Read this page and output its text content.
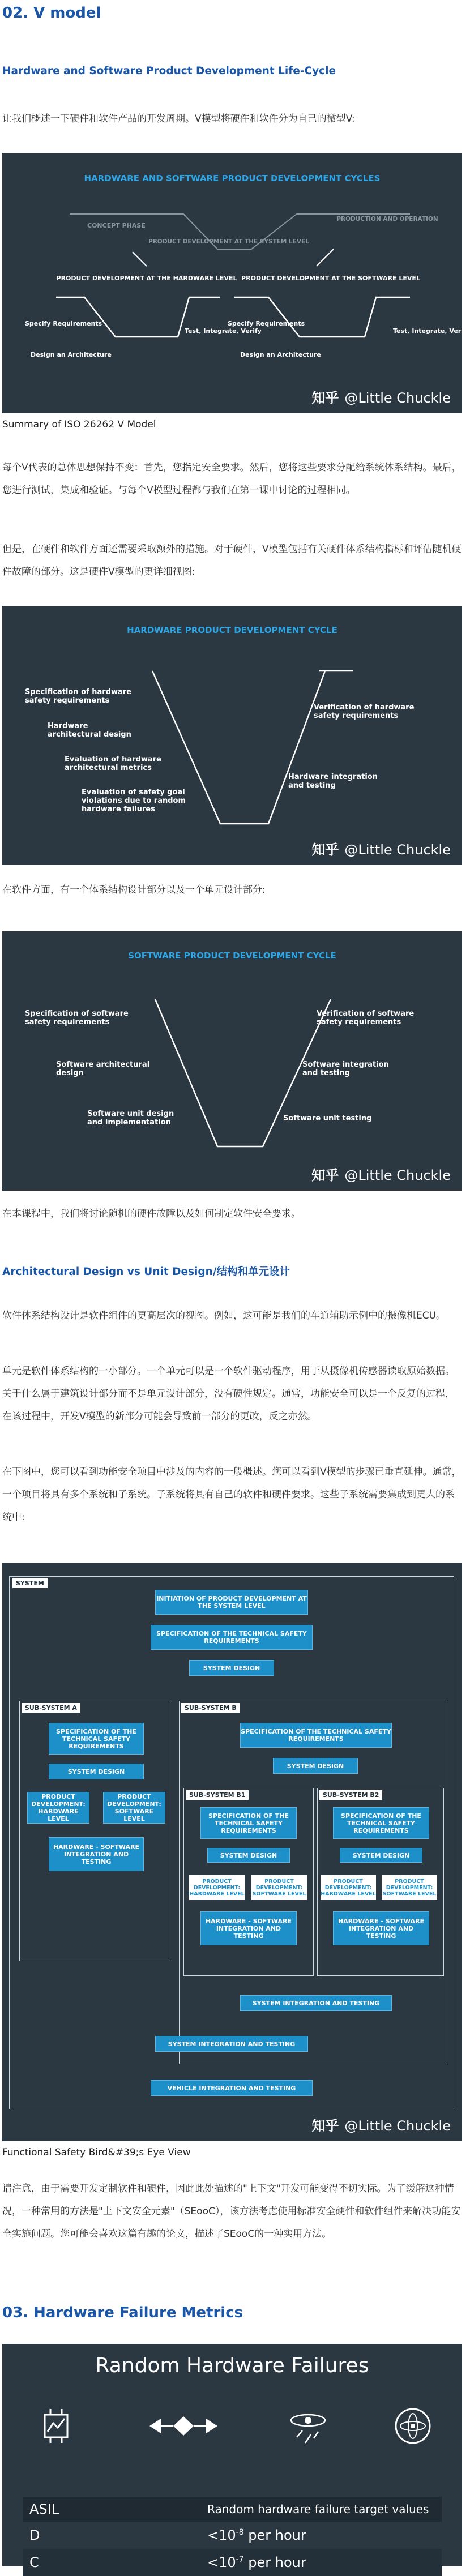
02. V model
Hardware and Software Product Development Life-Cycle

让我们概述一下硬件和软件产品的开发周期。V模型将硬件和软件分为自己的微型V:

HARDWARE AND SOFTWARE PRODUCT DEVELOPMENT CYCLES
CONCEPT PHASE
PRODUCT DEVELOPMENT AT THE SYSTEM LEVEL
PRODUCTION AND OPERATION
PRODUCT DEVELOPMENT AT THE HARDWARE LEVEL PRODUCT DEVELOPMENT AT THE SOFTWARE LEVEL
Specify Requirements
Design an Architecture
Test, Integrate, Verify
Specify Requirements
Design an Architecture
Test, Integrate, Verify
知乎 @Little Chuckle

Summary of ISO 26262 V Model

每个V代表的总体思想保持不变：首先，您指定安全要求。然后，您将这些要求分配给系统体系结构。最后，您进行测试，集成和验证。与每个V模型过程都与我们在第一课中讨论的过程相同。

但是，在硬件和软件方面还需要采取额外的措施。对于硬件，V模型包括有关硬件体系结构指标和评估随机硬件故障的部分。这是硬件V模型的更详细视图:

HARDWARE PRODUCT DEVELOPMENT CYCLE
Specification of hardware safety requirements
Hardware architectural design
Evaluation of hardware architectural metrics
Evaluation of safety goal violations due to random hardware failures
Verification of hardware safety requirements
Hardware integration and testing
知乎 @Little Chuckle

在软件方面，有一个体系结构设计部分以及一个单元设计部分:

SOFTWARE PRODUCT DEVELOPMENT CYCLE
Specification of software safety requirements
Software architectural design
Software unit design and implementation
Verification of software safety requirements
Software integration and testing
Software unit testing
知乎 @Little Chuckle

在本课程中，我们将讨论随机的硬件故障以及如何制定软件安全要求。

Architectural Design vs Unit Design/结构和单元设计

软件体系结构设计是软件组件的更高层次的视图。例如，这可能是我们的车道辅助示例中的摄像机ECU。

单元是软件体系结构的一小部分。一个单元可以是一个软件驱动程序，用于从摄像机传感器读取原始数据。关于什么属于建筑设计部分而不是单元设计部分，没有硬性规定。通常，功能安全可以是一个反复的过程，在该过程中，开发V模型的新部分可能会导致前一部分的更改，反之亦然。

在下图中，您可以看到功能安全项目中涉及的内容的一般概述。您可以看到V模型的步骤已垂直延伸。通常，一个项目将具有多个系统和子系统。子系统将具有自己的软件和硬件要求。这些子系统需要集成到更大的系统中:

SYSTEM
INITIATION OF PRODUCT DEVELOPMENT AT THE SYSTEM LEVEL
SPECIFICATION OF THE TECHNICAL SAFETY REQUIREMENTS
SYSTEM DESIGN
SUB-SYSTEM A
SPECIFICATION OF THE TECHNICAL SAFETY REQUIREMENTS
SYSTEM DESIGN
PRODUCT DEVELOPMENT: HARDWARE LEVEL
PRODUCT DEVELOPMENT: SOFTWARE LEVEL
HARDWARE - SOFTWARE INTEGRATION AND TESTING
SUB-SYSTEM B
SPECIFICATION OF THE TECHNICAL SAFETY REQUIREMENTS
SYSTEM DESIGN
SUB-SYSTEM B1
SPECIFICATION OF THE TECHNICAL SAFETY REQUIREMENTS
SYSTEM DESIGN
PRODUCT DEVELOPMENT: HARDWARE LEVEL
PRODUCT DEVELOPMENT: SOFTWARE LEVEL
HARDWARE - SOFTWARE INTEGRATION AND TESTING
SUB-SYSTEM B2
SPECIFICATION OF THE TECHNICAL SAFETY REQUIREMENTS
SYSTEM DESIGN
PRODUCT DEVELOPMENT: HARDWARE LEVEL
PRODUCT DEVELOPMENT: SOFTWARE LEVEL
HARDWARE - SOFTWARE INTEGRATION AND TESTING
SYSTEM INTEGRATION AND TESTING
SYSTEM INTEGRATION AND TESTING
VEHICLE INTEGRATION AND TESTING
知乎 @Little Chuckle

Functional Safety Bird&#39;s Eye View

请注意，由于需要开发定制软件和硬件，因此此处描述的"上下文"开发可能变得不切实际。为了缓解这种情况，一种常用的方法是"上下文安全元素"（SEooC），该方法考虑使用标准安全硬件和软件组件来解决功能安全实施问题。您可能会喜欢这篇有趣的论文，描述了SEooC的一种实用方法。

03. Hardware Failure Metrics
Random Hardware Failures
ASIL	Random hardware failure target values
D	$<10^{-8}$ per hour
C	$<10^{-7}$ per hour
